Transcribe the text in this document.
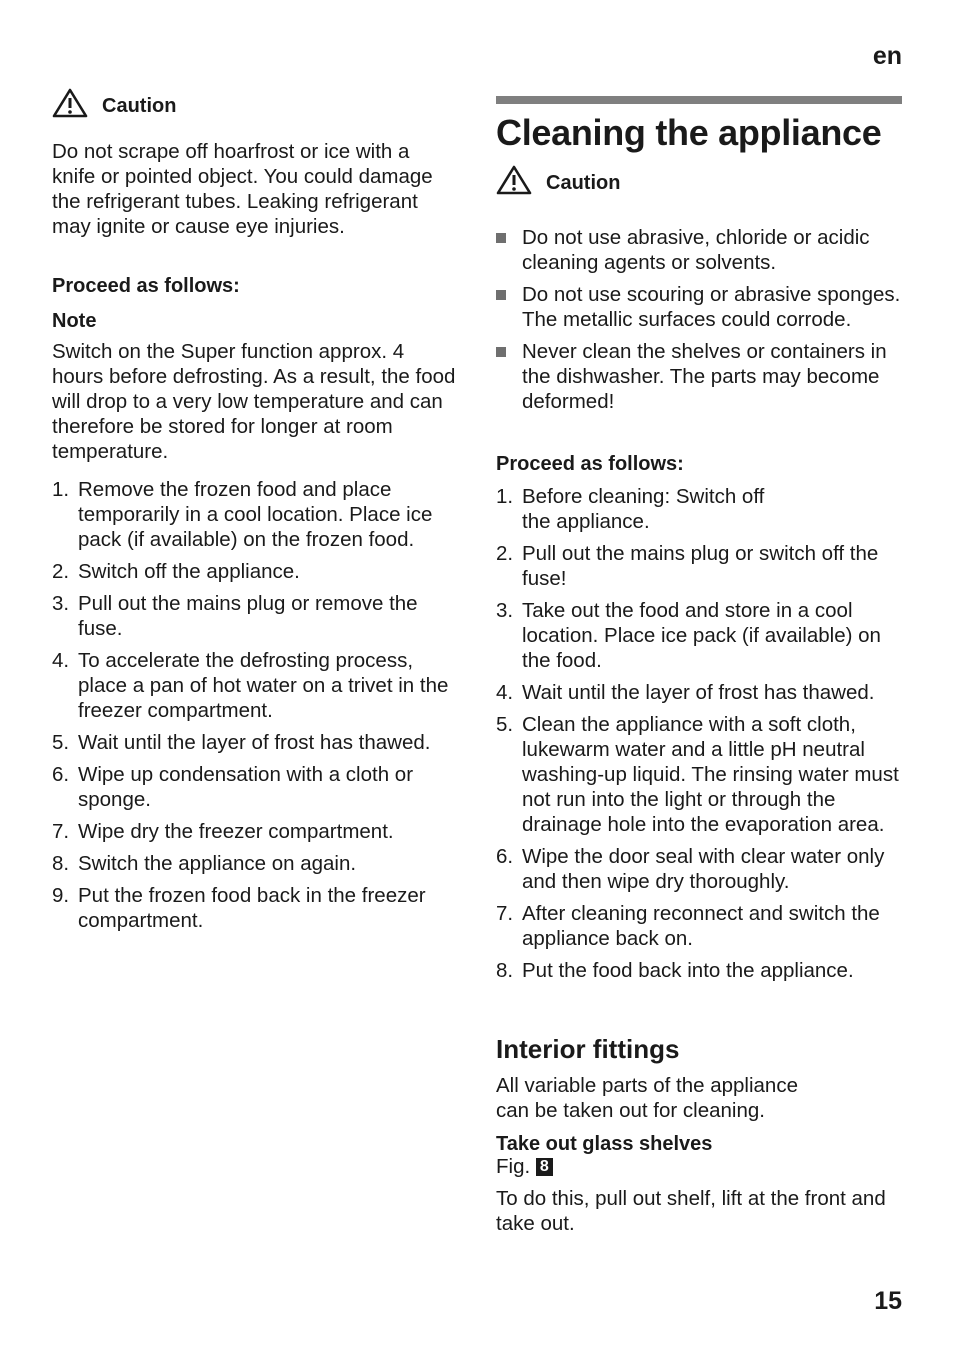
en
Caution

Do not scrape off hoarfrost or ice with a knife or pointed object. You could damage the refrigerant tubes. Leaking refrigerant may ignite or cause eye injuries.

Proceed as follows:

Note

Switch on the Super function approx. 4 hours before defrosting. As a result, the food will drop to a very low temperature and can therefore be stored for longer at room temperature.

1. Remove the frozen food and place temporarily in a cool location. Place ice pack (if available) on the frozen food.
2. Switch off the appliance.
3. Pull out the mains plug or remove the fuse.
4. To accelerate the defrosting process, place a pan of hot water on a trivet in the freezer compartment.
5. Wait until the layer of frost has thawed.
6. Wipe up condensation with a cloth or sponge.
7. Wipe dry the freezer compartment.
8. Switch the appliance on again.
9. Put the frozen food back in the freezer compartment.
Cleaning the appliance
Caution
Do not use abrasive, chloride or acidic cleaning agents or solvents.
Do not use scouring or abrasive sponges. The metallic surfaces could corrode.
Never clean the shelves or containers in the dishwasher. The parts may become deformed!

Proceed as follows:

1. Before cleaning: Switch off the appliance.
2. Pull out the mains plug or switch off the fuse!
3. Take out the food and store in a cool location. Place ice pack (if available) on the food.
4. Wait until the layer of frost has thawed.
5. Clean the appliance with a soft cloth, lukewarm water and a little pH neutral washing-up liquid. The rinsing water must not run into the light or through the drainage hole into the evaporation area.
6. Wipe the door seal with clear water only and then wipe dry thoroughly.
7. After cleaning reconnect and switch the appliance back on.
8. Put the food back into the appliance.
Interior fittings

All variable parts of the appliance can be taken out for cleaning.

Take out glass shelves

Fig. 8

To do this, pull out shelf, lift at the front and take out.

15
